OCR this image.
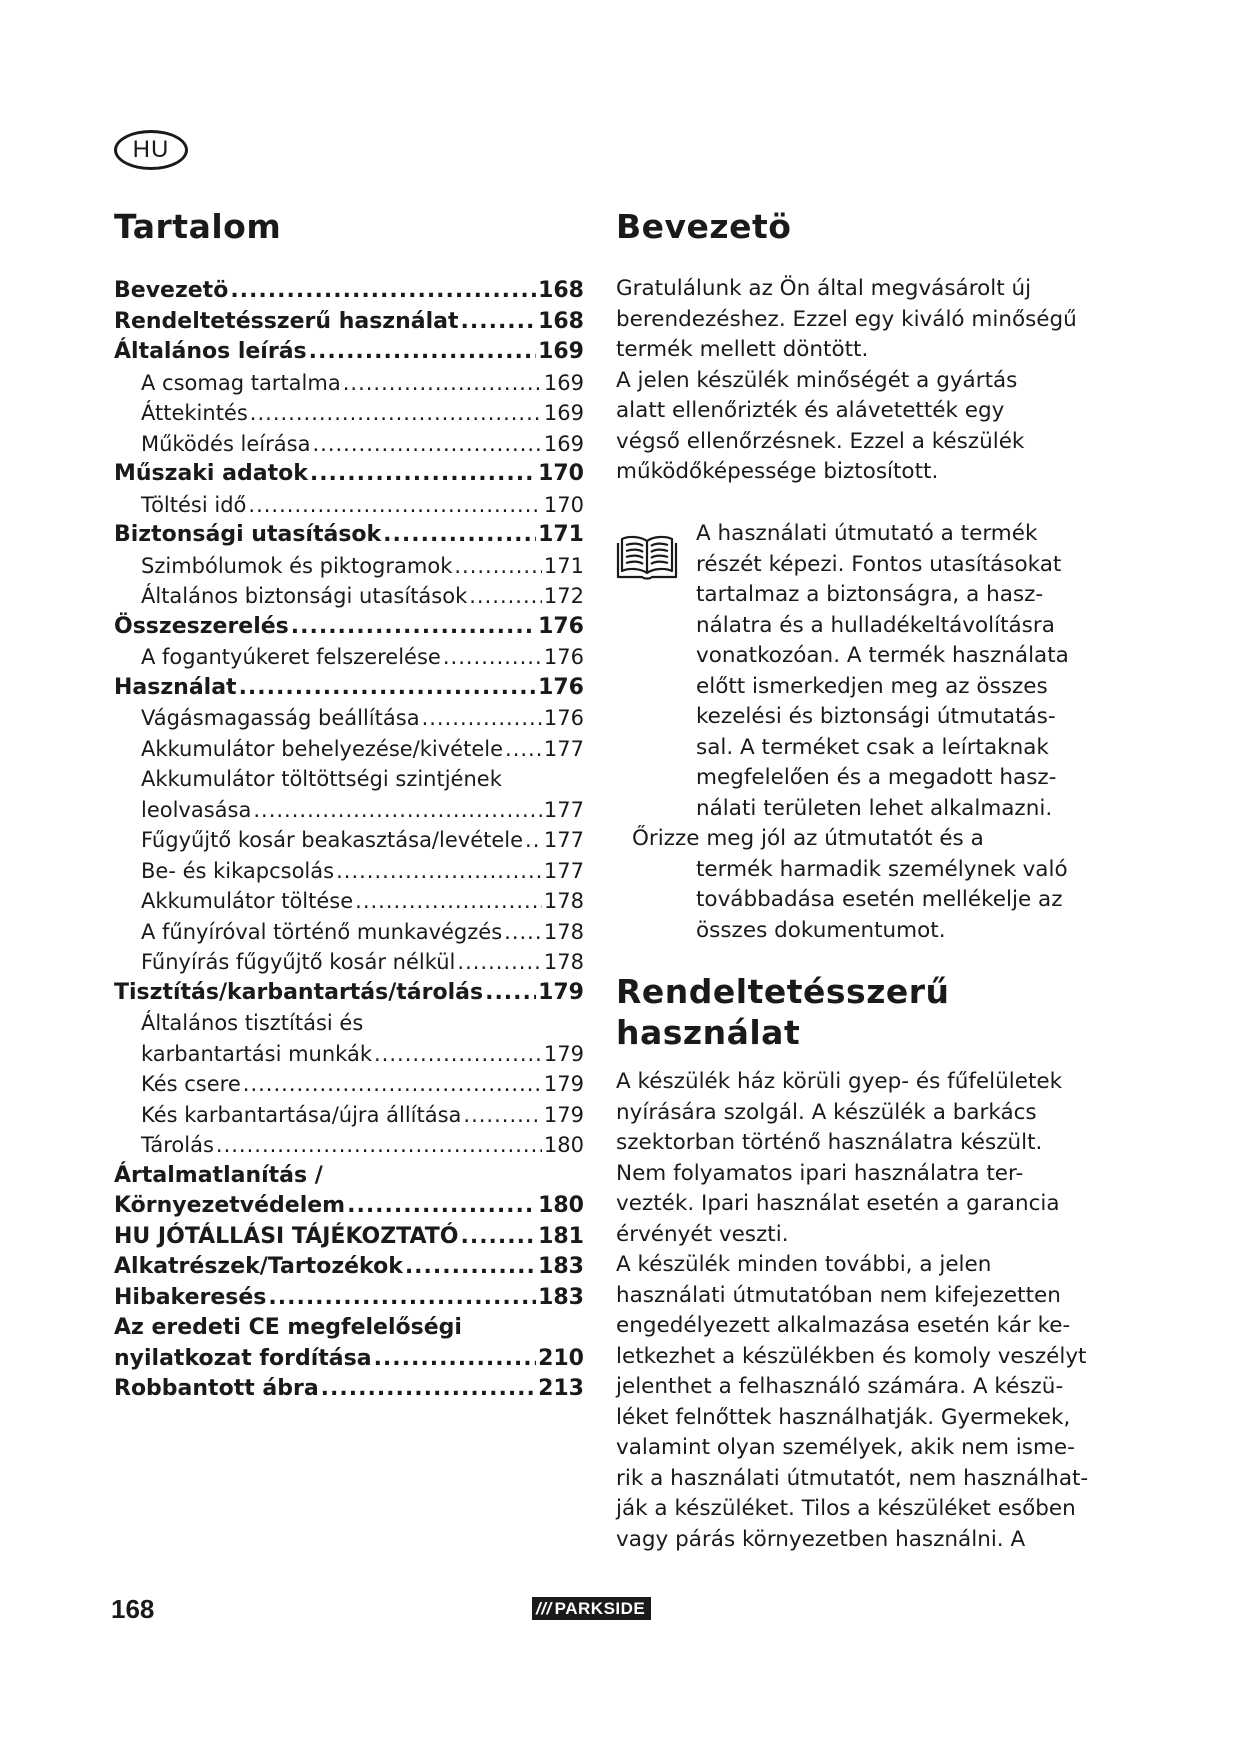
HU
Tartalom
Bevezetö .....	168
Rendeltetésszerű használat .....	168
Általános leírás .....	169
A csomag tartalma .....	169
Áttekintés .....	169
Működés leírása .....	169
Műszaki adatok .....	170
Töltési idő .....	170
Biztonsági utasítások .....	171
Szimbólumok és piktogramok .....	171
Általános biztonsági utasítások .....	172
Összeszerelés .....	176
A fogantyúkeret felszerelése .....	176
Használat .....	176
Vágásmagasság beállítása .....	176
Akkumulátor behelyezése/kivétele ..... 177
Akkumulátor töltöttségi szintjének
leolvasása .....	177
Fűgyűjtő kosár beakasztása/levétele ..... 177
Be- és kikapcsolás .....	177
Akkumulátor töltése .....	178
A fűnyíróval történő munkavégzés ..... 178
Fűnyírás fűgyűjtő kosár nélkül .....	178
Tisztítás/karbantartás/tárolás ..... 179
Általános tisztítási és
karbantartási munkák .....	179
Kés csere .....	179
Kés karbantartása/újra állítása .....	179
Tárolás .....	180
Ártalmatlanítás /
Környezetvédelem .....	180
HU JÓTÁLLÁSI TÁJÉKOZTATÓ .....	181
Alkatrészek/Tartozékok .....	183
Hibakeresés .....	183
Az eredeti CE megfelelőségi
nyilatkozat fordítása .....	210
Robbantott ábra .....	213
Bevezetö

Gratulálunk az Ön által megvásárolt új

berendezéshez. Ezzel egy kiváló minőségű

termék mellett döntött.

A jelen készülék minőségét a gyártás

alatt ellenőrizték és alávetették egy

végső ellenőrzésnek. Ezzel a készülék

működőképessége biztosított.

A használati útmutató a termék

részét képezi. Fontos utasításokat

tartalmaz a biztonságra, a hasz-

nálatra és a hulladékeltávolításra

vonatkozóan. A termék használata

előtt ismerkedjen meg az összes

kezelési és biztonsági útmutatás-

sal. A terméket csak a leírtaknak

megfelelően és a megadott hasz-

nálati területen lehet alkalmazni.

Őrizze meg jól az útmutatót és a

termék harmadik személynek való

továbbadása esetén mellékelje az

összes dokumentumot.

Rendeltetésszerű
használat

A készülék ház körüli gyep- és fűfelületek

nyírására szolgál. A készülék a barkács

szektorban történő használatra készült.

Nem folyamatos ipari használatra ter-

vezték. Ipari használat esetén a garancia

érvényét veszti.

A készülék minden további, a jelen

használati útmutatóban nem kifejezetten

engedélyezett alkalmazása esetén kár ke-

letkezhet a készülékben és komoly veszélyt

jelenthet a felhasználó számára. A készü-

léket felnőttek használhatják. Gyermekek,

valamint olyan személyek, akik nem isme-

rik a használati útmutatót, nem használhat-

ják a készüléket. Tilos a készüléket esőben

vagy párás környezetben használni. A

168	/// PARKSIDE
